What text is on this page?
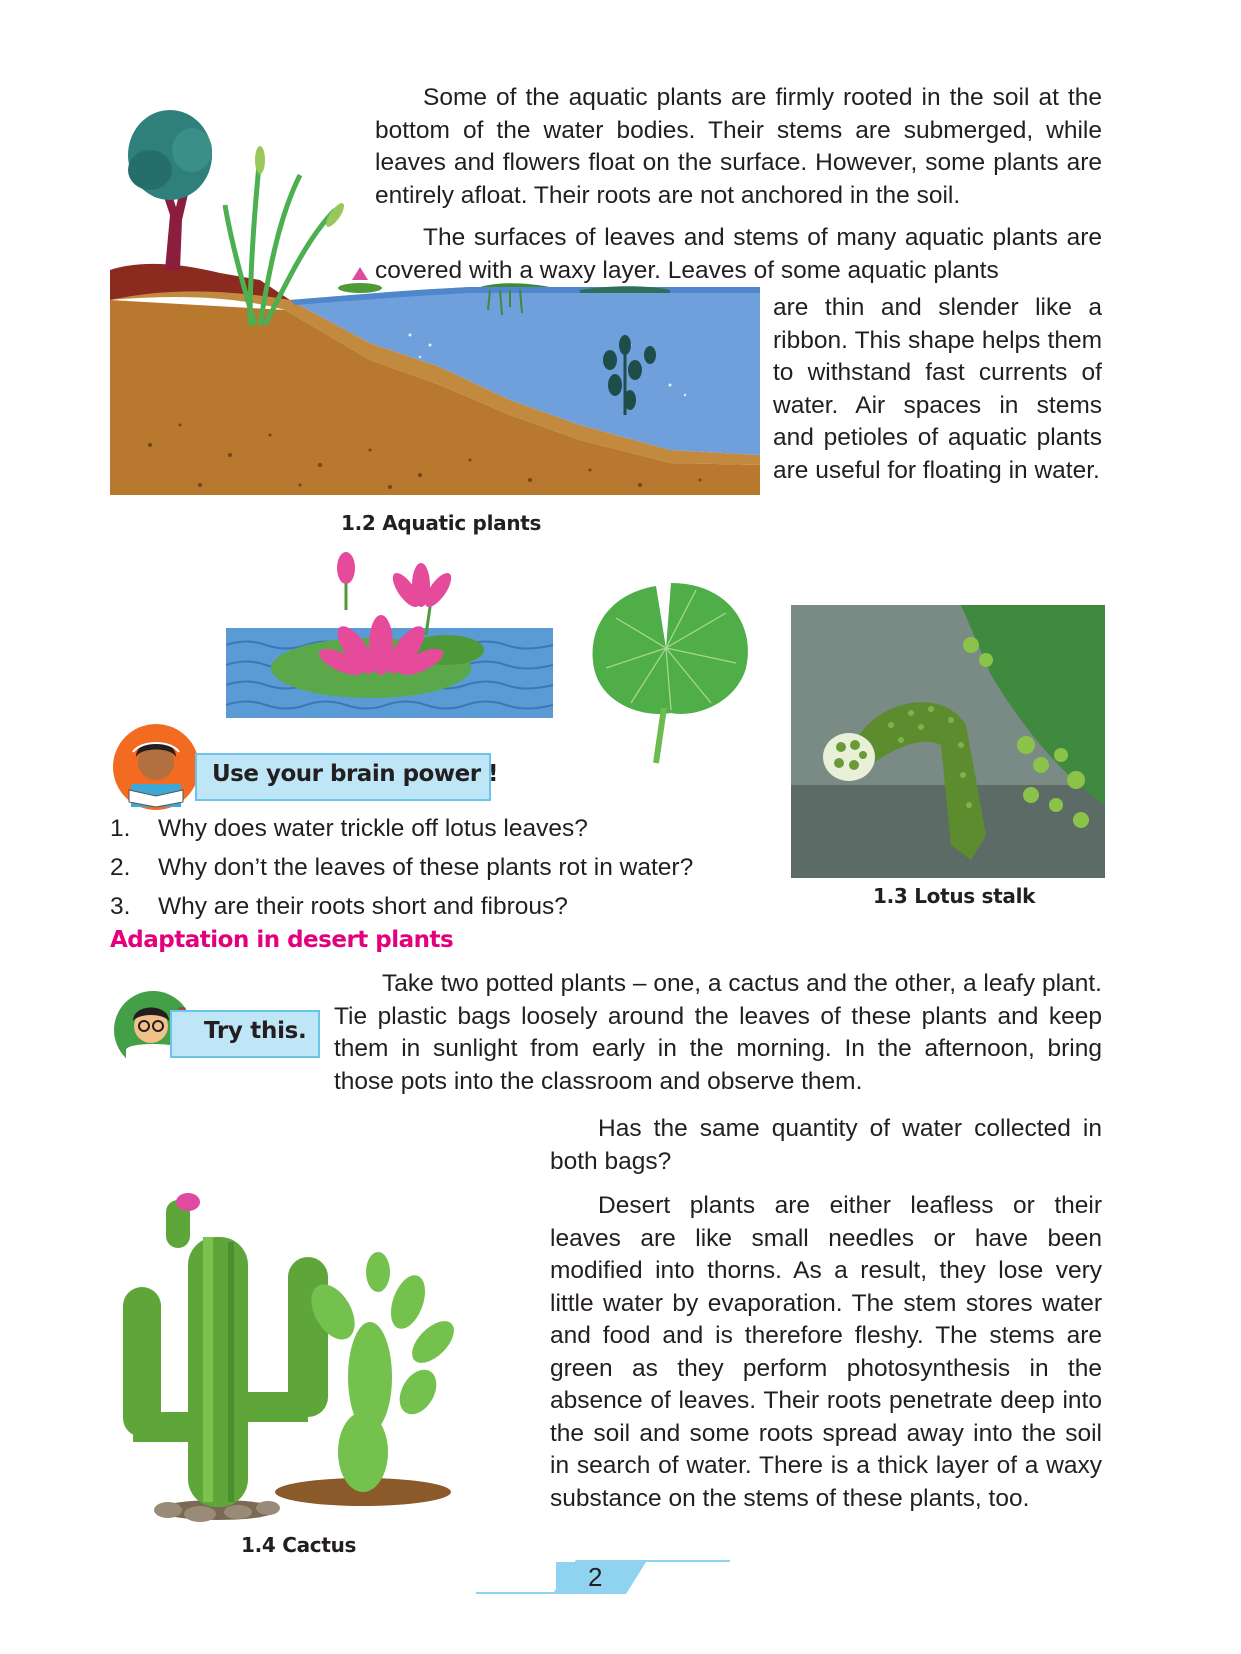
Some of the aquatic plants are firmly rooted in the soil at the bottom of the water bodies. Their stems are submerged, while leaves and flowers float on the surface. However, some plants are entirely afloat. Their roots are not anchored in the soil.

The surfaces of leaves and stems of many aquatic plants are covered with a waxy layer. Leaves of some aquatic plants

are thin and slender like a ribbon. This shape helps them to withstand fast currents of water. Air spaces in stems and petioles of aquatic plants are useful for floating in water.

1.2 Aquatic plants
1.3 Lotus stalk
Use your brain power !
1. Why does water trickle off lotus leaves?
2. Why don’t the leaves of these plants rot in water?
3. Why are their roots short and fibrous?
Adaptation in desert plants
Try this.

Take two potted plants – one, a cactus and the other, a leafy plant. Tie plastic bags loosely around the leaves of these plants and keep them in sunlight from early in the morning. In the afternoon, bring those pots into the classroom and observe them.

Has the same quantity of water collected in both bags?

Desert plants are either leafless or their leaves are like small needles or have been modified into thorns. As a result, they lose very little water by evaporation. The stem stores water and food and is therefore fleshy. The stems are green as they perform photosynthesis in the absence of leaves. Their roots penetrate deep into the soil and some roots spread away into the soil in search of water. There is a thick layer of a waxy substance on the stems of these plants, too.

1.4 Cactus
2
